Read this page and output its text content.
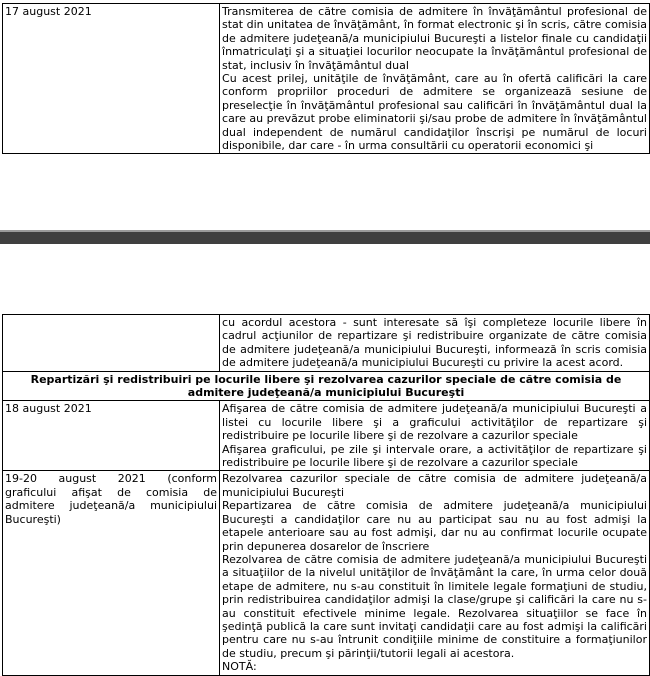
17 august 2021	Transmiterea de către comisia de admitere în învăţământul profesional de stat din unitatea de învăţământ, în format electronic şi în scris, către comisia de admitere judeţeană/a municipiului Bucureşti a listelor finale cu candidaţii înmatriculaţi şi a situaţiei locurilor neocupate la învăţământul profesional de stat, inclusiv în învăţământul dual
Cu acest prilej, unităţile de învăţământ, care au în ofertă calificări la care conform propriilor proceduri de admitere se organizează sesiune de preselecţie în învăţământul profesional sau calificări în învăţământul dual la care au prevăzut probe eliminatorii şi/sau probe de admitere în învăţământul dual independent de numărul candidaţilor înscrişi pe numărul de locuri disponibile, dar care - în urma consultării cu operatorii economici şi

	cu acordul acestora - sunt interesate să îşi completeze locurile libere în cadrul acţiunilor de repartizare şi redistribuire organizate de către comisia de admitere judeţeană/a municipiului Bucureşti, informează în scris comisia de admitere judeţeană/a municipiului Bucureşti cu privire la acest acord.

Repartizări şi redistribuiri pe locurile libere şi rezolvarea cazurilor speciale de către comisia de admitere judeţeană/a municipiului Bucureşti	
18 august 2021	Afişarea de către comisia de admitere judeţeană/a municipiului Bucureşti a listei cu locurile libere şi a graficului activităţilor de repartizare şi redistribuire pe locurile libere şi de rezolvare a cazurilor speciale
Afişarea graficului, pe zile şi intervale orare, a activităţilor de repartizare şi redistribuire pe locurile libere şi de rezolvare a cazurilor speciale

19-20 august 2021 (conform graficului afişat de comisia de admitere judeţeană/a municipiului Bucureşti)	Rezolvarea cazurilor speciale de către comisia de admitere judeţeană/a municipiului Bucureşti
Repartizarea de către comisia de admitere judeţeană/a municipiului Bucureşti a candidaţilor care nu au participat sau nu au fost admişi la etapele anterioare sau au fost admişi, dar nu au confirmat locurile ocupate prin depunerea dosarelor de înscriere
Rezolvarea de către comisia de admitere judeţeană/a municipiului Bucureşti a situaţiilor de la nivelul unităţilor de învăţământ la care, în urma celor două etape de admitere, nu s-au constituit în limitele legale formaţiuni de studiu, prin redistribuirea candidaţilor admişi la clase/grupe şi calificări la care nu s-au constituit efectivele minime legale. Rezolvarea situaţiilor se face în şedinţă publică la care sunt invitaţi candidaţii care au fost admişi la calificări pentru care nu s-au întrunit condiţiile minime de constituire a formaţiunilor de studiu, precum şi părinţii/tutorii legali ai acestora.
NOTĂ:
